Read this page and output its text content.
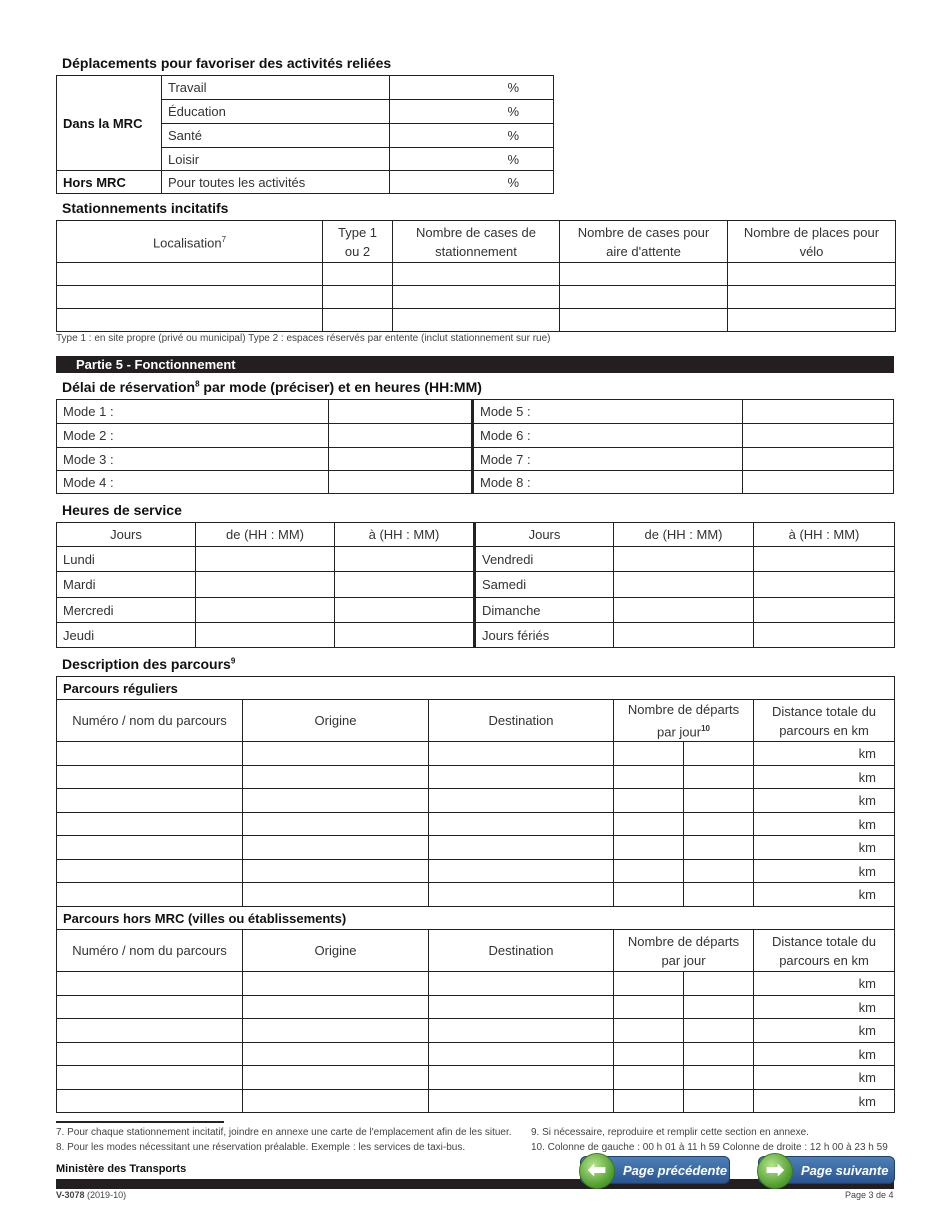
Déplacements pour favoriser des activités reliées
Dans la MRC	Travail	%
	Éducation	%
	Santé	%
	Loisir	%
Hors MRC	Pour toutes les activités	%
Stationnements incitatifs
Localisation$^7$	Type 1 ou 2	Nombre de cases de stationnement	Nombre de cases pour aire d'attente	Nombre de places pour vélo

Type 1 : en site propre (privé ou municipal) Type 2 : espaces réservés par entente (inclut stationnement sur rue)
Partie 5 - Fonctionnement
Délai de réservation$^8$ par mode (préciser) et en heures (HH:MM)
Mode 1 :		Mode 5 :	
Mode 2 :		Mode 6 :	
Mode 3 :		Mode 7 :	
Mode 4 :		Mode 8 :	
Heures de service
Jours	de (HH : MM)	à (HH : MM)	Jours	de (HH : MM)	à (HH : MM)
Lundi			Vendredi		
Mardi			Samedi		
Mercredi			Dimanche		
Jeudi			Jours fériés		
Description des parcours$^9$
Parcours réguliers					
Numéro / nom du parcours	Origine	Destination	Nombre de départs par jour$^{10}$		Distance totale du parcours en km
					km
					km
					km
					km
					km
					km
					km
Parcours hors MRC (villes ou établissements)					
Numéro / nom du parcours	Origine	Destination	Nombre de départs par jour		Distance totale du parcours en km
					km
					km
					km
					km
					km
					km
7. Pour chaque stationnement incitatif, joindre en annexe une carte de l'emplacement afin de les situer.
8. Pour les modes nécessitant une réservation préalable. Exemple : les services de taxi-bus.
9. Si nécessaire, reproduire et remplir cette section en annexe.
10. Colonne de gauche : 00 h 01 à 11 h 59 Colonne de droite : 12 h 00 à 23 h 59
Ministère des Transports
V-3078 (2019-10)	Page 3 de 4
⬅	Page précédente	➡	Page suivante
